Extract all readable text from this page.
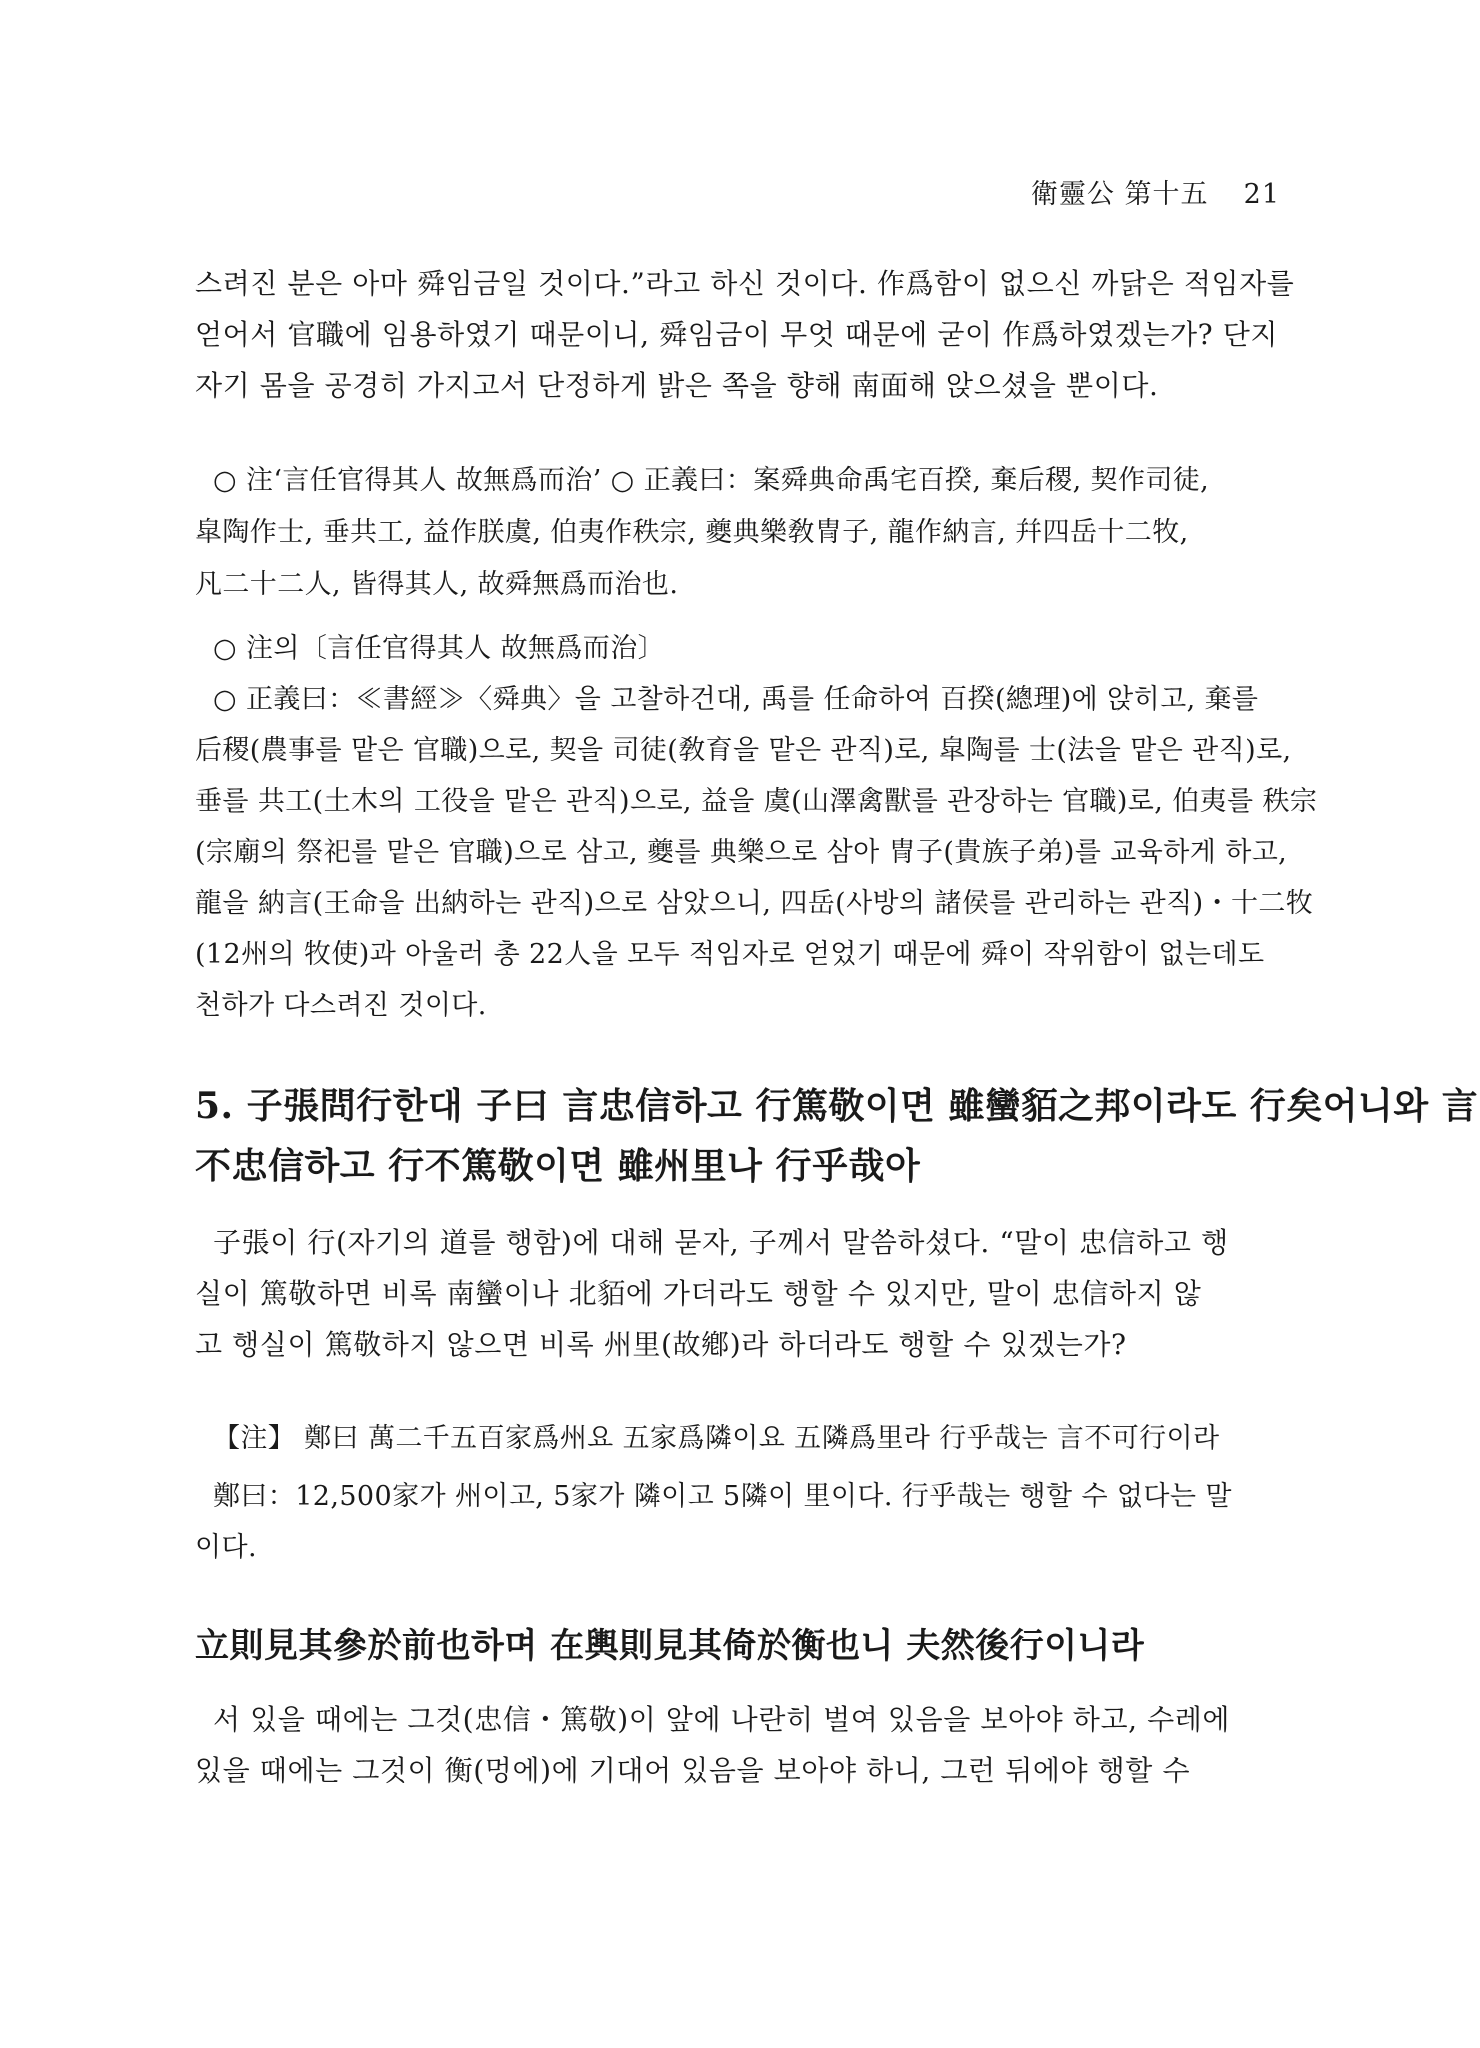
衛靈公 第十五 21
스려진 분은 아마 舜임금일 것이다.”라고 하신 것이다. 作爲함이 없으신 까닭은 적임자를
얻어서 官職에 임용하였기 때문이니, 舜임금이 무엇 때문에 굳이 作爲하였겠는가? 단지
자기 몸을 공경히 가지고서 단정하게 밝은 쪽을 향해 南面해 앉으셨을 뿐이다.
○ 注‘言任官得其人 故無爲而治’ ○ 正義曰：案舜典命禹宅百揆, 棄后稷, 契作司徒,
皐陶作士, 垂共工, 益作朕虞, 伯夷作秩宗, 夔典樂敎冑子, 龍作納言, 幷四岳十二牧,
凡二十二人, 皆得其人, 故舜無爲而治也.
○ 注의〔言任官得其人 故無爲而治〕
○ 正義曰：≪書經≫〈舜典〉을 고찰하건대, 禹를 任命하여 百揆(總理)에 앉히고, 棄를
后稷(農事를 맡은 官職)으로, 契을 司徒(敎育을 맡은 관직)로, 皐陶를 士(法을 맡은 관직)로,
垂를 共工(土木의 工役을 맡은 관직)으로, 益을 虞(山澤禽獸를 관장하는 官職)로, 伯夷를 秩宗
(宗廟의 祭祀를 맡은 官職)으로 삼고, 夔를 典樂으로 삼아 冑子(貴族子弟)를 교육하게 하고,
龍을 納言(王命을 出納하는 관직)으로 삼았으니, 四岳(사방의 諸侯를 관리하는 관직)・十二牧
(12州의 牧使)과 아울러 총 22人을 모두 적임자로 얻었기 때문에 舜이 작위함이 없는데도
천하가 다스려진 것이다.
5. 子張問行한대 子曰 言忠信하고 行篤敬이면 雖蠻貊之邦이라도 行矣어니와 言
不忠信하고 行不篤敬이면 雖州里나 行乎哉아
子張이 行(자기의 道를 행함)에 대해 묻자, 子께서 말씀하셨다. “말이 忠信하고 행
실이 篤敬하면 비록 南蠻이나 北貊에 가더라도 행할 수 있지만, 말이 忠信하지 않
고 행실이 篤敬하지 않으면 비록 州里(故鄕)라 하더라도 행할 수 있겠는가?
【注】 鄭曰 萬二千五百家爲州요 五家爲隣이요 五隣爲里라 行乎哉는 言不可行이라
鄭曰：12,500家가 州이고, 5家가 隣이고 5隣이 里이다. 行乎哉는 행할 수 없다는 말
이다.
立則見其參於前也하며 在輿則見其倚於衡也니 夫然後行이니라
서 있을 때에는 그것(忠信・篤敬)이 앞에 나란히 벌여 있음을 보아야 하고, 수레에
있을 때에는 그것이 衡(멍에)에 기대어 있음을 보아야 하니, 그런 뒤에야 행할 수
